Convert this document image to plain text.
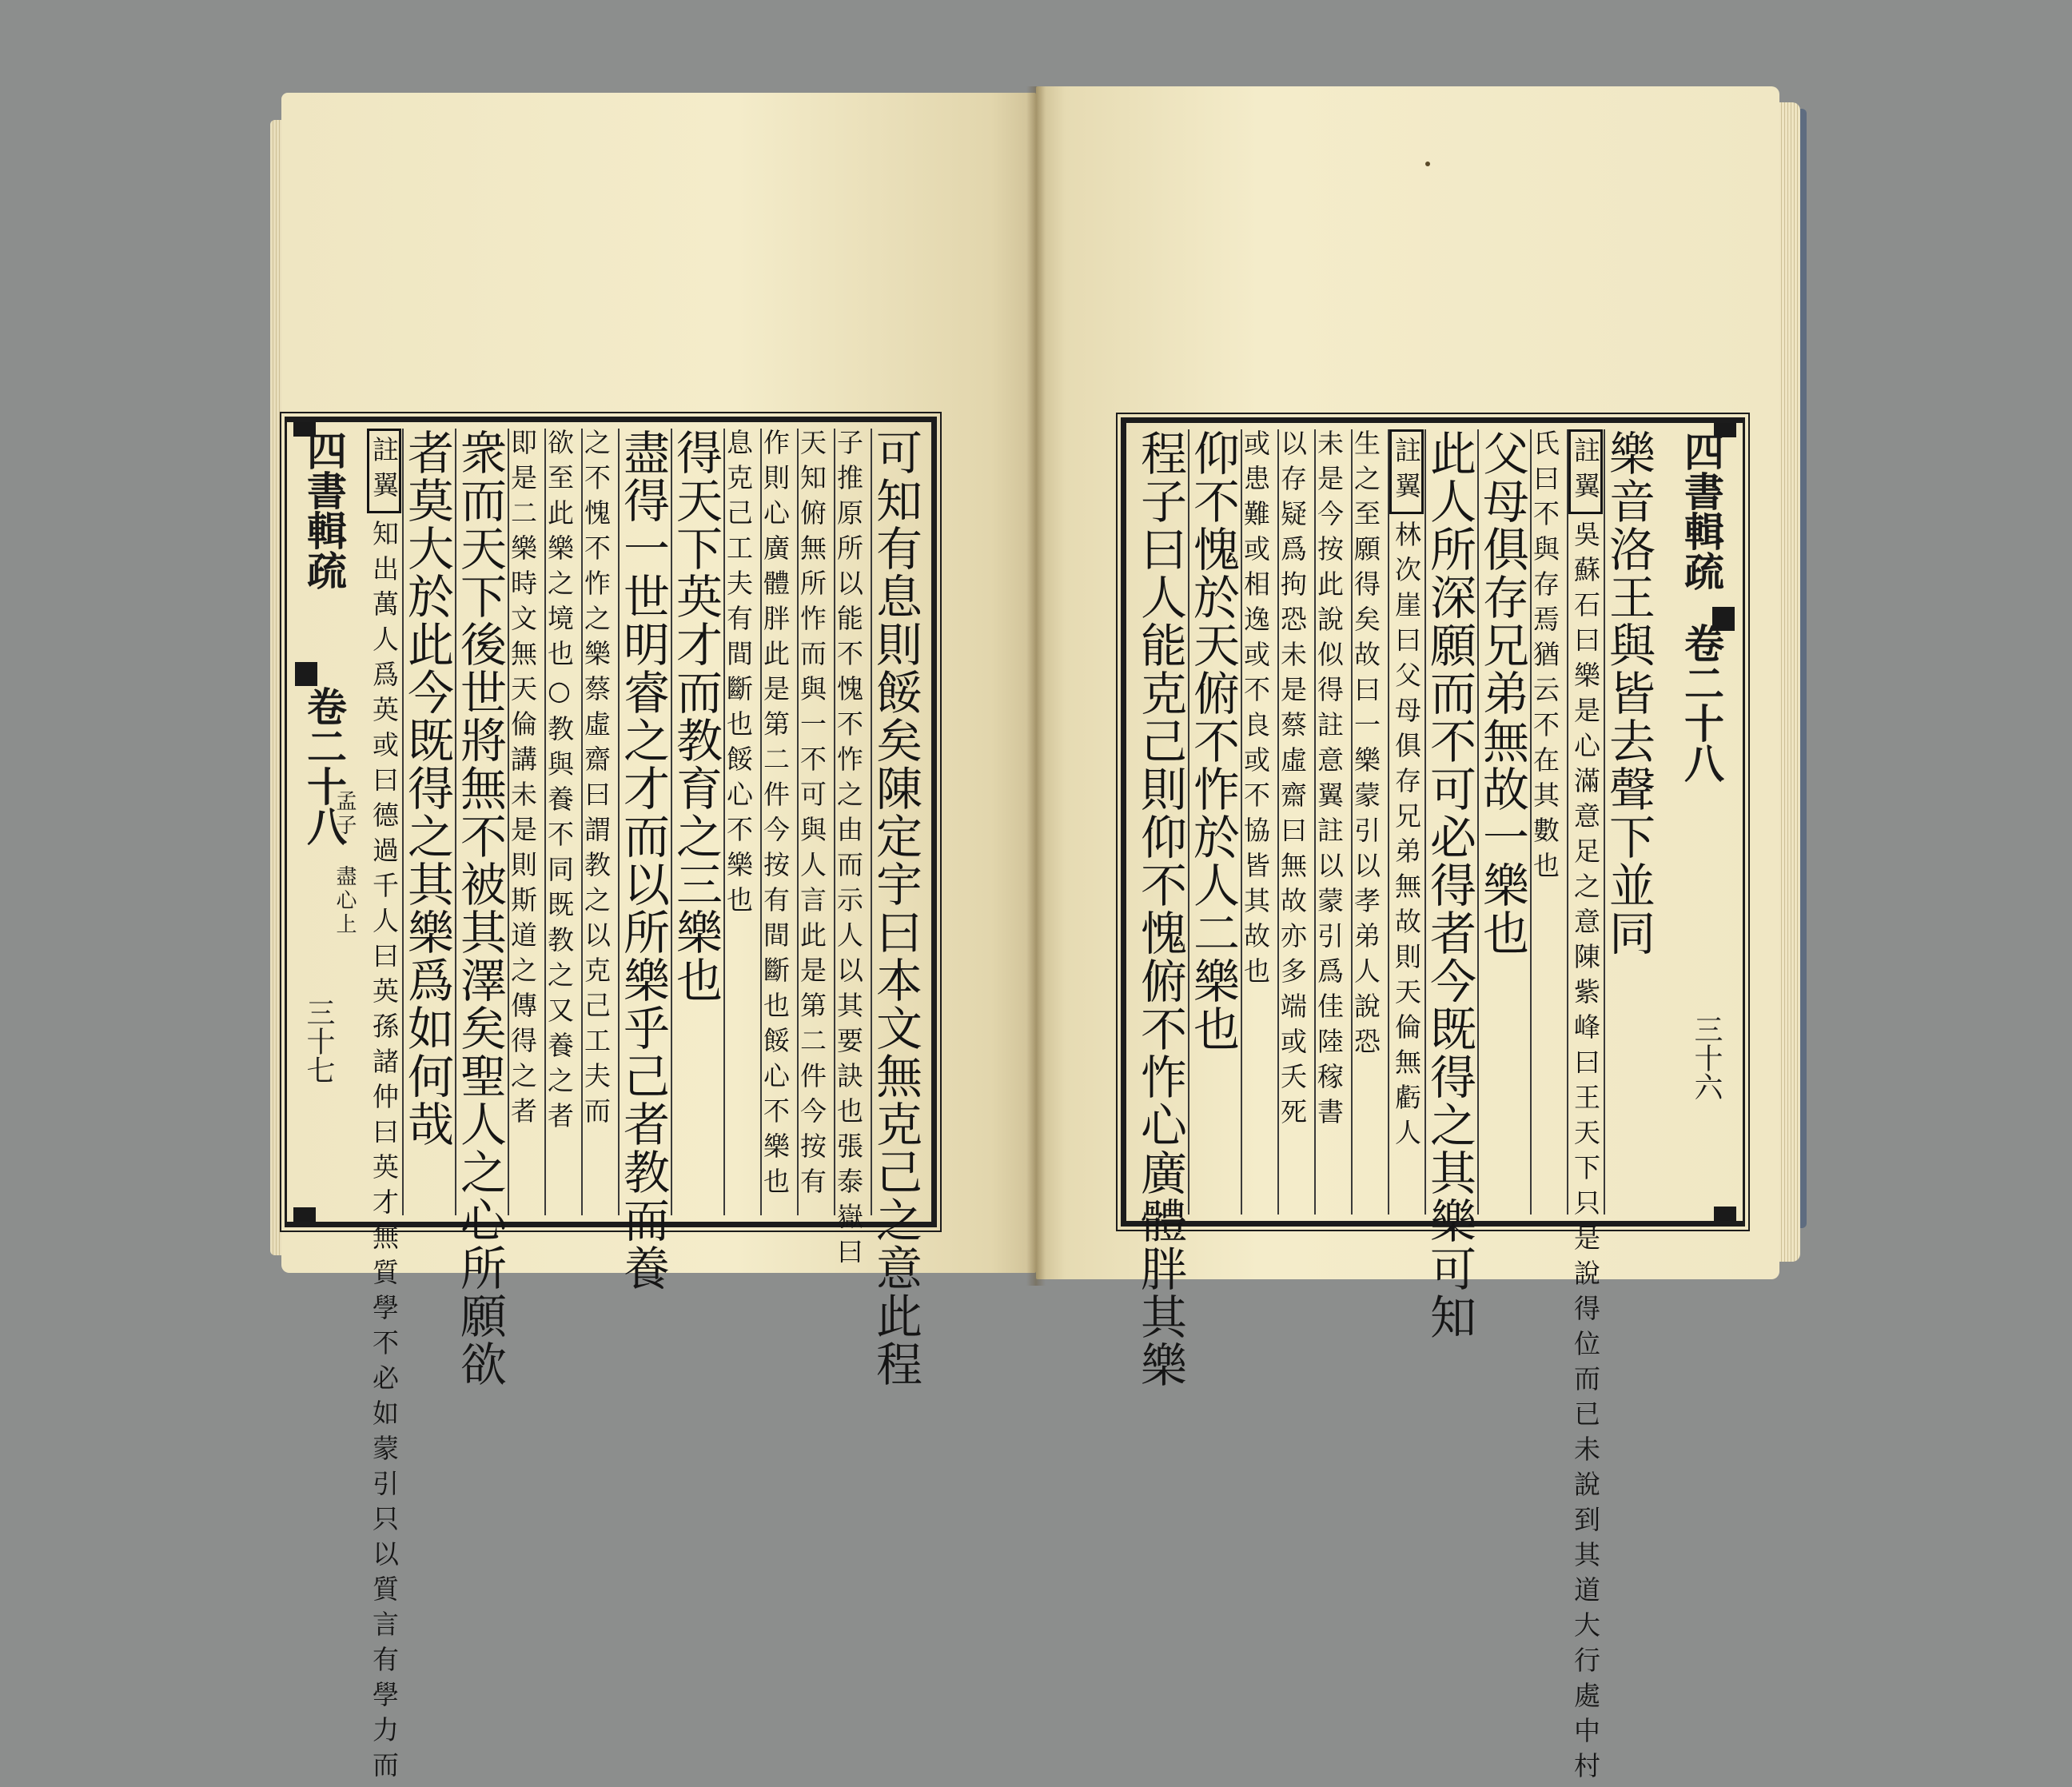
可知有息則餒矣陳定宇曰本文無克己之意此程
子推原所以能不愧不怍之由而示人以其要訣也張泰嶽曰
天知俯無所怍而與一不可與人言此是第二件今按有
作則心廣體胖此是第二件今按有間斷也餒心不樂也
息克己工夫有間斷也餒心不樂也
得天下英才而教育之三樂也
盡得一世明睿之才而以所樂乎己者教而養
之不愧不怍之樂蔡虛齋曰謂教之以克己工夫而
欲至此樂之境也○教與養不同既教之又養之者
即是二樂時文無天倫講未是則斯道之傳得之者
衆而天下後世將無不被其澤矣聖人之心所願欲
者莫大於此今既得之其樂爲如何哉
註翼知出萬人爲英或曰德過千人曰英孫諸仲曰英才無質學不必如蒙引只以質言有學力而
四書輯疏
卷二十八
孟子 盡心上
三十七
樂音洛王與皆去聲下並同
註翼吳蘇石曰樂是心滿意足之意陳紫峰曰王天下只是說得位而已未說到其道大行處中村
氏曰不與存焉猶云不在其數也
父母俱存兄弟無故一樂也
此人所深願而不可必得者今既得之其樂可知
註翼林次崖曰父母俱存兄弟無故則天倫無虧人
生之至願得矣故曰一樂蒙引以孝弟人說恐
未是今按此說似得註意翼註以蒙引爲佳陸稼書
以存疑爲拘恐未是蔡虛齋曰無故亦多端或夭死
或患難或相逸或不良或不協皆其故也
仰不愧於天俯不怍於人二樂也
程子曰人能克己則仰不愧俯不怍心廣體胖其樂	四書輯疏
卷二十八
三十六
